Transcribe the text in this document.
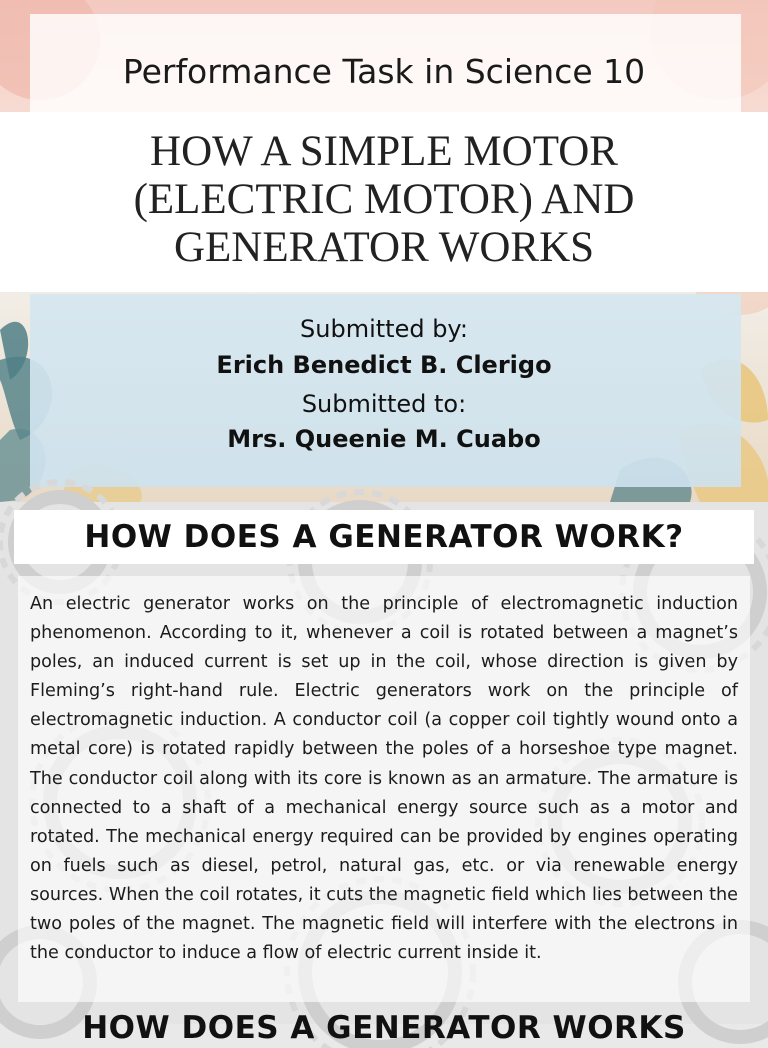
Performance Task in Science 10
HOW A SIMPLE MOTOR (ELECTRIC MOTOR) AND GENERATOR WORKS
Submitted by:
Erich Benedict B. Clerigo
Submitted to:
Mrs. Queenie M. Cuabo
HOW DOES A GENERATOR WORK?

An electric generator works on the principle of electromagnetic induction phenomenon. According to it, whenever a coil is rotated between a magnet’s poles, an induced current is set up in the coil, whose direction is given by Fleming’s right-hand rule. Electric generators work on the principle of electromagnetic induction. A conductor coil (a copper coil tightly wound onto a metal core) is rotated rapidly between the poles of a horseshoe type magnet. The conductor coil along with its core is known as an armature. The armature is connected to a shaft of a mechanical energy source such as a motor and rotated. The mechanical energy required can be provided by engines operating on fuels such as diesel, petrol, natural gas, etc. or via renewable energy sources. When the coil rotates, it cuts the magnetic field which lies between the two poles of the magnet. The magnetic field will interfere with the electrons in the conductor to induce a flow of electric current inside it.

HOW DOES A GENERATOR WORKS
